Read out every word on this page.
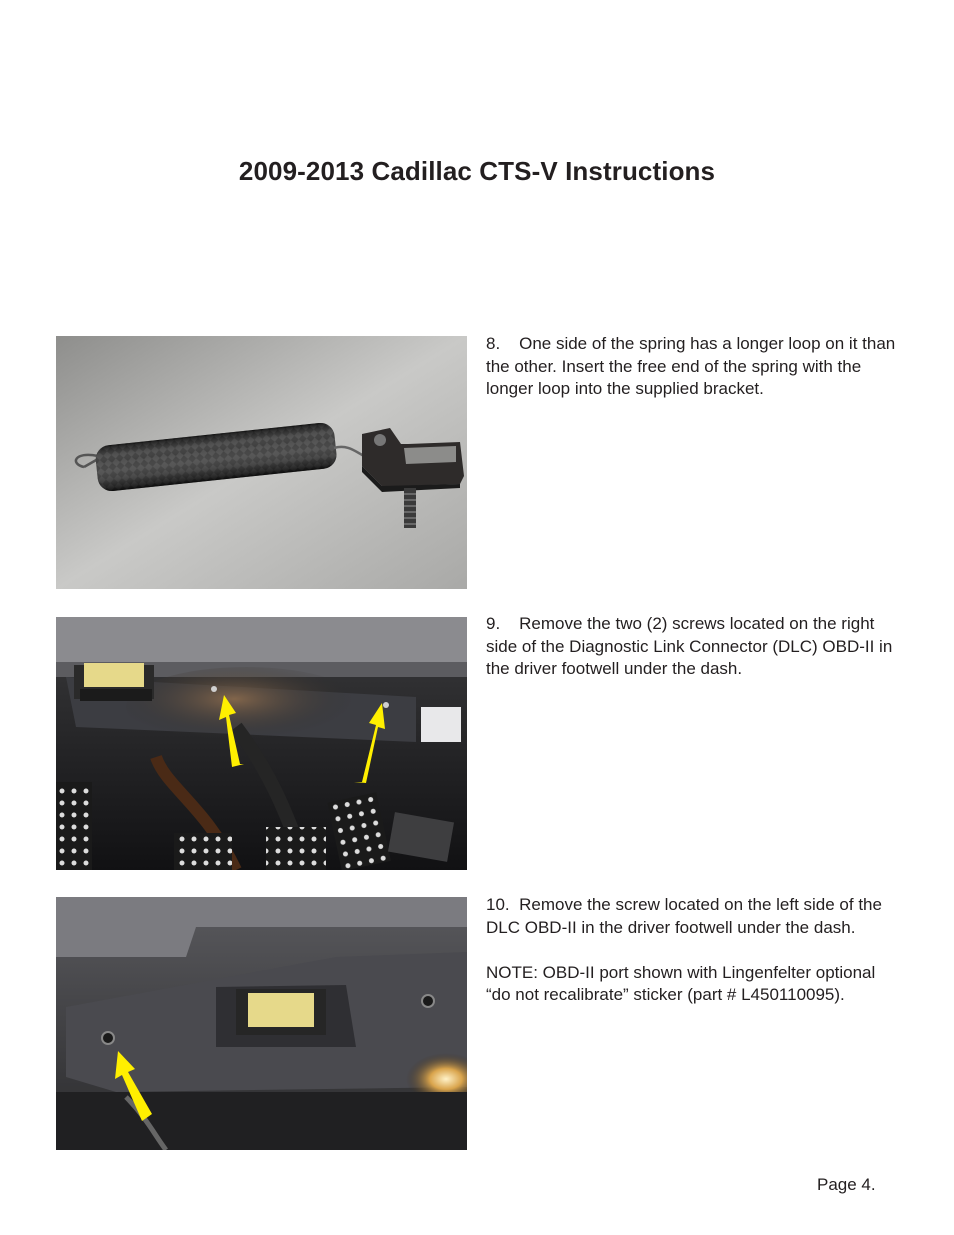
2009-2013 Cadillac CTS-V Instructions

8. One side of the spring has a longer loop on it than the other. Insert the free end of the spring with the longer loop into the supplied bracket.

9. Remove the two (2) screws located on the right side of the Diagnostic Link Connector (DLC) OBD-II in the driver footwell under the dash.

10. Remove the screw located on the left side of the DLC OBD-II in the driver footwell under the dash.

NOTE: OBD-II port shown with Lingenfelter optional “do not recalibrate” sticker (part # L450110095).

Page 4.
